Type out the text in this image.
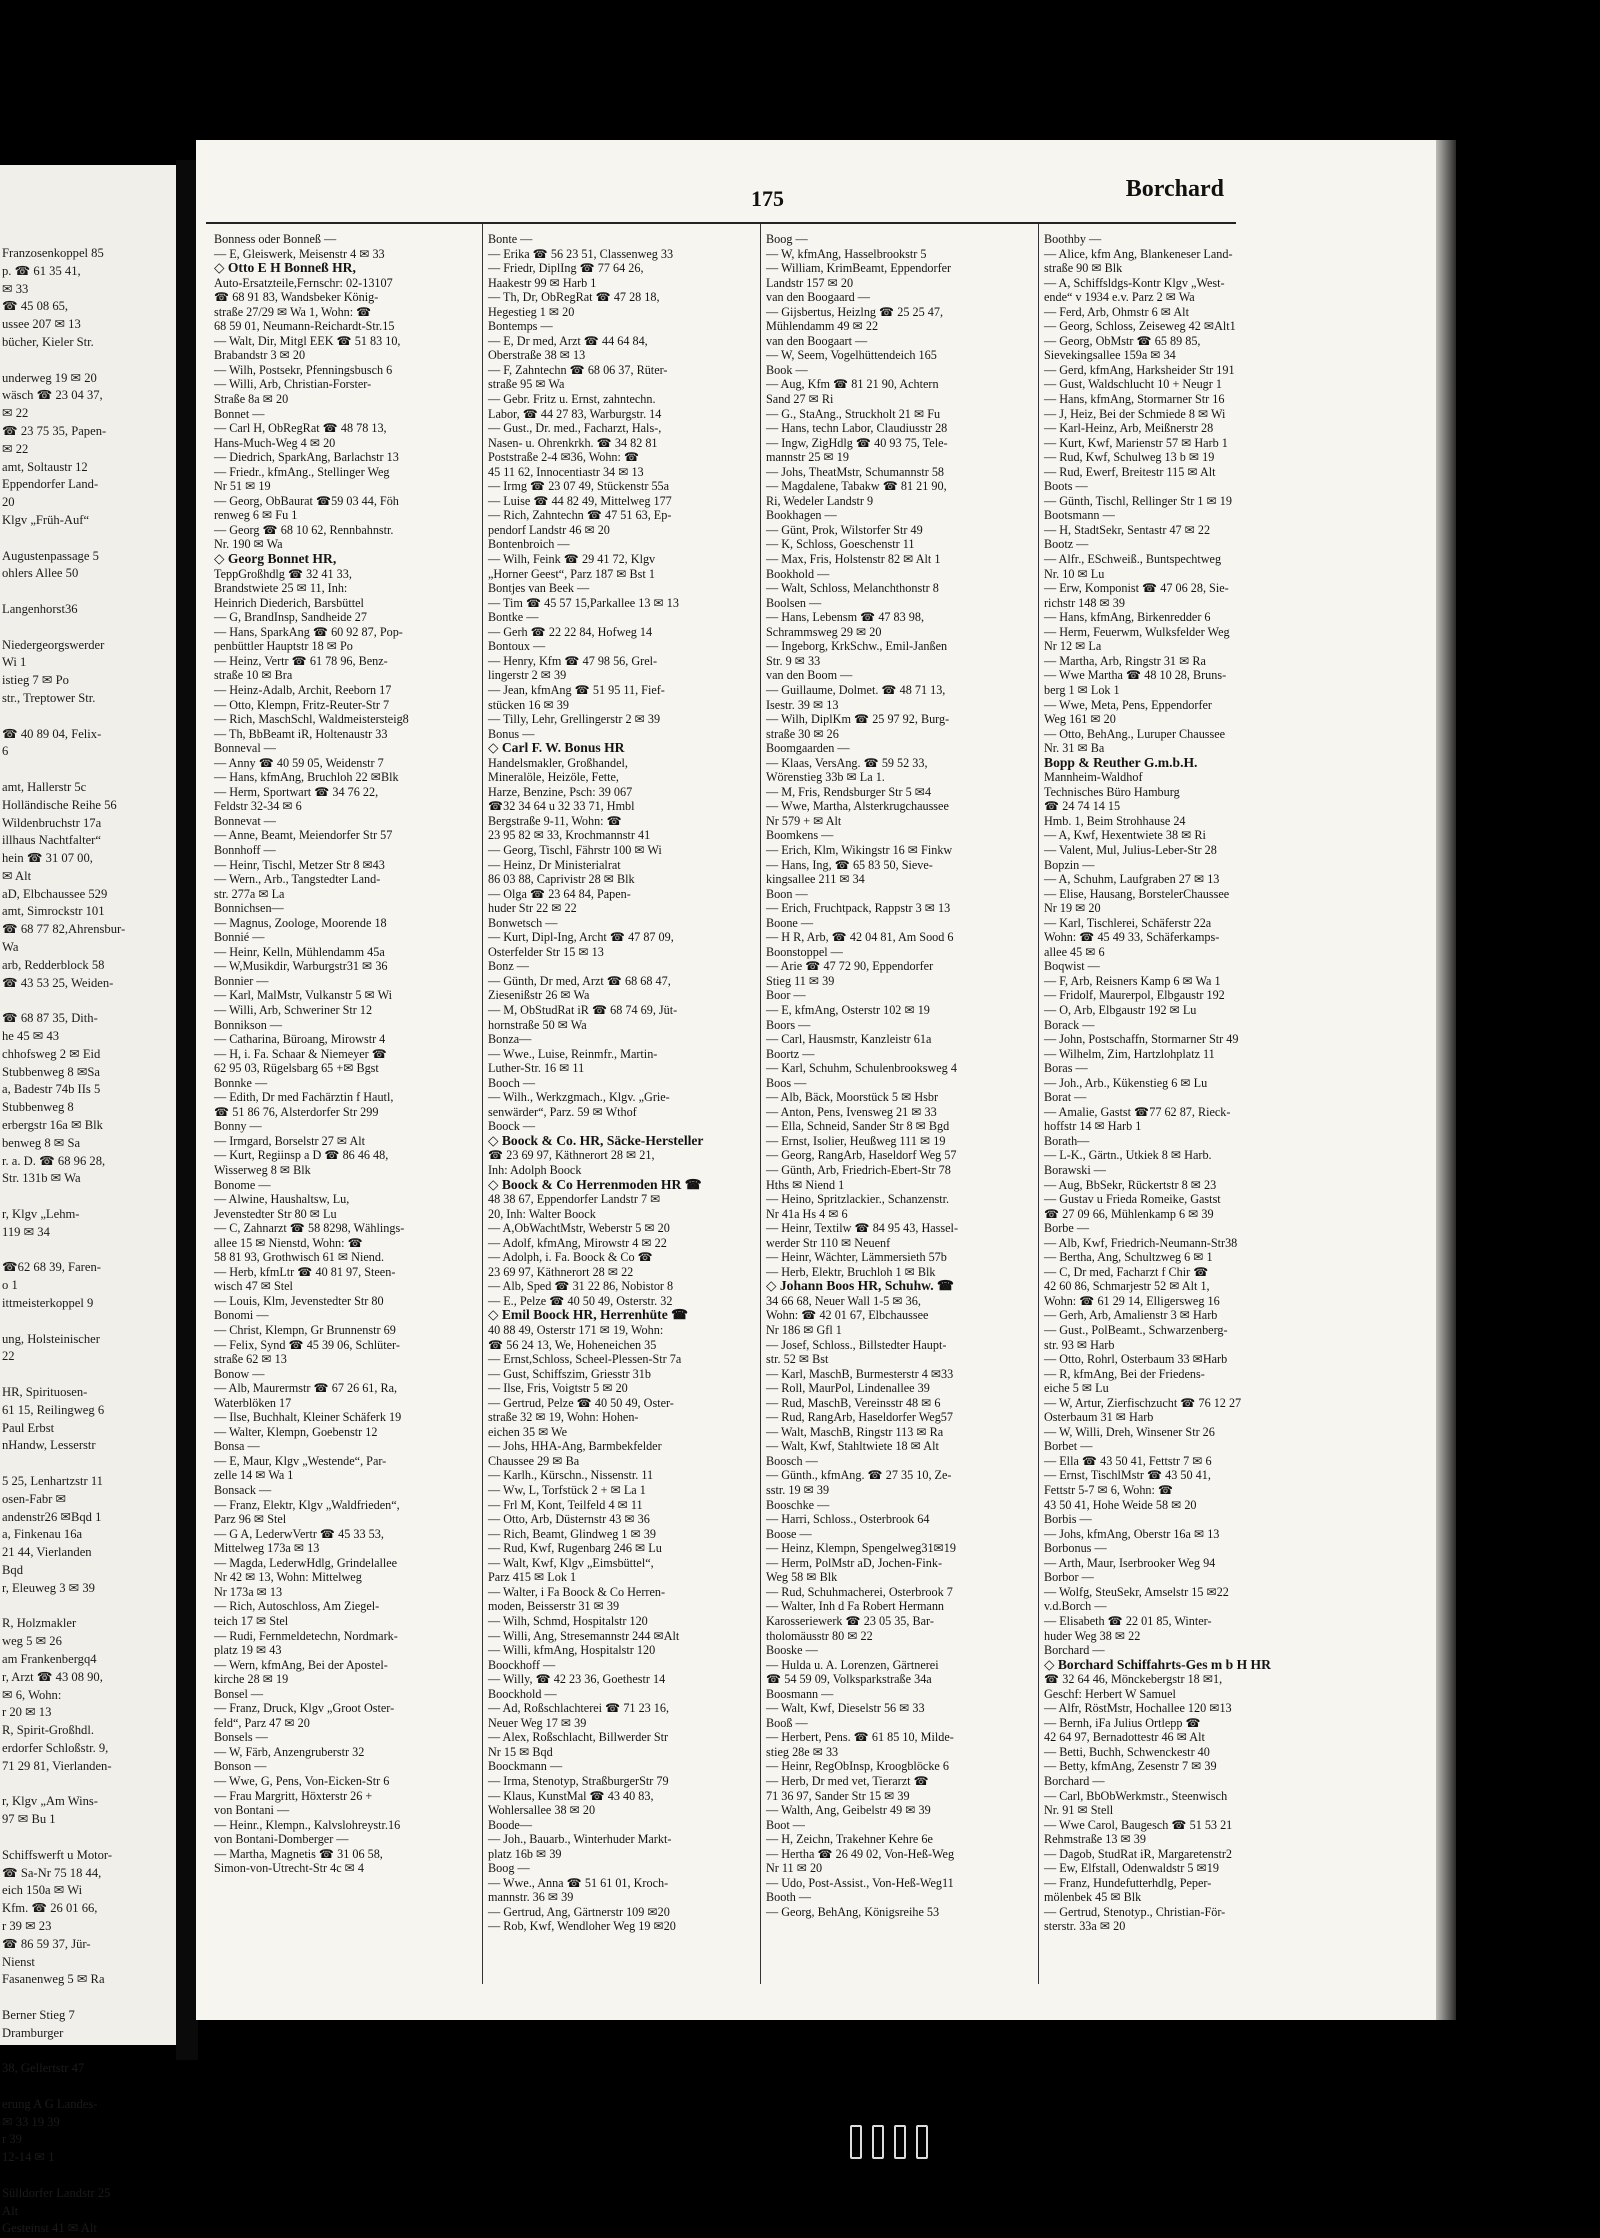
Franzosenkoppel 85
p. ☎ 61 35 41,
✉ 33
☎ 45 08 65,
ussee 207 ✉ 13
bücher, Kieler Str.

underweg 19 ✉ 20
wäsch ☎ 23 04 37,
✉ 22
☎ 23 75 35, Papen-
✉ 22
amt, Soltaustr 12
Eppendorfer Land-
20
Klgv „Früh-Auf“

Augustenpassage 5
ohlers Allee 50

Langenhorst36

Niedergeorgswerder
Wi 1
istieg 7 ✉ Po
str., Treptower Str.

☎ 40 89 04, Felix-
6

amt, Hallerstr 5c
Holländische Reihe 56
Wildenbruchstr 17a
illhaus Nachtfalter“
hein ☎ 31 07 00,
✉ Alt
aD, Elbchaussee 529
amt, Simrockstr 101
☎ 68 77 82,Ahrensbur-
Wa
arb, Redderblock 58
☎ 43 53 25, Weiden-

☎ 68 87 35, Dith-
he 45 ✉ 43
chhofsweg 2 ✉ Eid
Stubbenweg 8 ✉Sa
a, Badestr 74b IIs 5
Stubbenweg 8
erbergstr 16a ✉ Blk
benweg 8 ✉ Sa
r. a. D. ☎ 68 96 28,
Str. 131b ✉ Wa

r, Klgv „Lehm-
119 ✉ 34

☎62 68 39, Faren-
o 1
ittmeisterkoppel 9

ung, Holsteinischer
22

HR, Spirituosen-
61 15, Reilingweg 6
Paul Erbst
nHandw, Lesserstr

5 25, Lenhartzstr 11
osen-Fabr ✉
andenstr26 ✉Bqd 1
a, Finkenau 16a
21 44, Vierlanden
Bqd
r, Eleuweg 3 ✉ 39

R, Holzmakler
weg 5 ✉ 26
am Frankenbergq4
r, Arzt ☎ 43 08 90,
✉ 6, Wohn:
r 20 ✉ 13
R, Spirit-Großhdl.
erdorfer Schloßstr. 9,
71 29 81, Vierlanden-

r, Klgv „Am Wins-
97 ✉ Bu 1

Schiffswerft u Motor-
☎ Sa-Nr 75 18 44,
eich 150a ✉ Wi
Kfm. ☎ 26 01 66,
r 39 ✉ 23
☎ 86 59 37, Jür-
Nienst
Fasanenweg 5 ✉ Ra

Berner Stieg 7
Dramburger

38, Gellertstr 47

erung A G Landes-
✉ 33 19 39
r 39
12-14 ✉ 1

Sülldorfer Landstr 25
Alt
Gesteinst 41 ✉ Alt
175	Borchard
Bonness oder Bonneß —
— E, Gleiswerk, Meisenstr 4 ✉ 33
◇ Otto E H Bonneß HR,
Auto-Ersatzteile,Fernschr: 02-13107
☎ 68 91 83, Wandsbeker König-
straße 27/29 ✉ Wa 1, Wohn: ☎
68 59 01, Neumann-Reichardt-Str.15
— Walt, Dir, Mitgl EEK ☎ 51 83 10,
Brabandstr 3 ✉ 20
— Wilh, Postsekr, Pfenningsbusch 6
— Willi, Arb, Christian-Forster-
Straße 8a ✉ 20
Bonnet —
— Carl H, ObRegRat ☎ 48 78 13,
Hans-Much-Weg 4 ✉ 20
— Diedrich, SparkAng, Barlachstr 13
— Friedr., kfmAng., Stellinger Weg
Nr 51 ✉ 19
— Georg, ObBaurat ☎59 03 44, Föh
renweg 6 ✉ Fu 1
— Georg ☎ 68 10 62, Rennbahnstr.
Nr. 190 ✉ Wa
◇ Georg Bonnet HR,
TeppGroßhdlg ☎ 32 41 33,
Brandstwiete 25 ✉ 11, Inh:
Heinrich Diederich, Barsbüttel
— G, BrandInsp, Sandheide 27
— Hans, SparkAng ☎ 60 92 87, Pop-
penbüttler Hauptstr 18 ✉ Po
— Heinz, Vertr ☎ 61 78 96, Benz-
straße 10 ✉ Bra
— Heinz-Adalb, Archit, Reeborn 17
— Otto, Klempn, Fritz-Reuter-Str 7
— Rich, MaschSchl, Waldmeistersteig8
— Th, BbBeamt iR, Holtenaustr 33
Bonneval —
— Anny ☎ 40 59 05, Weidenstr 7
— Hans, kfmAng, Bruchloh 22 ✉Blk
— Herm, Sportwart ☎ 34 76 22,
Feldstr 32-34 ✉ 6
Bonnevat —
— Anne, Beamt, Meiendorfer Str 57
Bonnhoff —
— Heinr, Tischl, Metzer Str 8 ✉43
— Wern., Arb., Tangstedter Land-
str. 277a ✉ La
Bonnichsen—
— Magnus, Zoologe, Moorende 18
Bonnié —
— Heinr, Kelln, Mühlendamm 45a
— W,Musikdir, Warburgstr31 ✉ 36
Bonnier —
— Karl, MalMstr, Vulkanstr 5 ✉ Wi
— Willi, Arb, Schweriner Str 12
Bonnikson —
— Catharina, Büroang, Mirowstr 4
— H, i. Fa. Schaar & Niemeyer ☎
62 95 03, Rügelsbarg 65 +✉ Bgst
Bonnke —
— Edith, Dr med Fachärztin f Hautl,
☎ 51 86 76, Alsterdorfer Str 299
Bonny —
— Irmgard, Borselstr 27 ✉ Alt
— Kurt, Regiinsp a D ☎ 86 46 48,
Wisserweg 8 ✉ Blk
Bonome —
— Alwine, Haushaltsw, Lu,
Jevenstedter Str 80 ✉ Lu
— C, Zahnarzt ☎ 58 8298, Wählings-
allee 15 ✉ Nienstd, Wohn: ☎
58 81 93, Grothwisch 61 ✉ Niend.
— Herb, kfmLtr ☎ 40 81 97, Steen-
wisch 47 ✉ Stel
— Louis, Klm, Jevenstedter Str 80
Bonomi —
— Christ, Klempn, Gr Brunnenstr 69
— Felix, Synd ☎ 45 39 06, Schlüter-
straße 62 ✉ 13
Bonow —
— Alb, Maurermstr ☎ 67 26 61, Ra,
Waterblöken 17
— Ilse, Buchhalt, Kleiner Schäferk 19
— Walter, Klempn, Goebenstr 12
Bonsa —
— E, Maur, Klgv „Westende“, Par-
zelle 14 ✉ Wa 1
Bonsack —
— Franz, Elektr, Klgv „Waldfrieden“,
Parz 96 ✉ Stel
— G A, LederwVertr ☎ 45 33 53,
Mittelweg 173a ✉ 13
— Magda, LederwHdlg, Grindelallee
Nr 42 ✉ 13, Wohn: Mittelweg
Nr 173a ✉ 13
— Rich, Autoschloss, Am Ziegel-
teich 17 ✉ Stel
— Rudi, Fernmeldetechn, Nordmark-
platz 19 ✉ 43
— Wern, kfmAng, Bei der Apostel-
kirche 28 ✉ 19
Bonsel —
— Franz, Druck, Klgv „Groot Oster-
feld“, Parz 47 ✉ 20
Bonsels —
— W, Färb, Anzengruberstr 32
Bonson —
— Wwe, G, Pens, Von-Eicken-Str 6
— Frau Margritt, Höxterstr 26 +
von Bontani —
— Heinr., Klempn., Kalvslohreystr.16
von Bontani-Domberger —
— Martha, Magnetis ☎ 31 06 58,
Simon-von-Utrecht-Str 4c ✉ 4
Bonte —
— Erika ☎ 56 23 51, Classenweg 33
— Friedr, DiplIng ☎ 77 64 26,
Haakestr 99 ✉ Harb 1
— Th, Dr, ObRegRat ☎ 47 28 18,
Hegestieg 1 ✉ 20
Bontemps —
— E, Dr med, Arzt ☎ 44 64 84,
Oberstraße 38 ✉ 13
— F, Zahntechn ☎ 68 06 37, Rüter-
straße 95 ✉ Wa
— Gebr. Fritz u. Ernst, zahntechn.
Labor, ☎ 44 27 83, Warburgstr. 14
— Gust., Dr. med., Facharzt, Hals-,
Nasen- u. Ohrenkrkh. ☎ 34 82 81
Poststraße 2-4 ✉36, Wohn: ☎
45 11 62, Innocentiastr 34 ✉ 13
— Irmg ☎ 23 07 49, Stückenstr 55a
— Luise ☎ 44 82 49, Mittelweg 177
— Rich, Zahntechn ☎ 47 51 63, Ep-
pendorf Landstr 46 ✉ 20
Bontenbroich —
— Wilh, Feink ☎ 29 41 72, Klgv
„Horner Geest“, Parz 187 ✉ Bst 1
Bontjes van Beek —
— Tim ☎ 45 57 15,Parkallee 13 ✉ 13
Bontke —
— Gerh ☎ 22 22 84, Hofweg 14
Bontoux —
— Henry, Kfm ☎ 47 98 56, Grel-
lingerstr 2 ✉ 39
— Jean, kfmAng ☎ 51 95 11, Fief-
stücken 16 ✉ 39
— Tilly, Lehr, Grellingerstr 2 ✉ 39
Bonus —
◇ Carl F. W. Bonus HR
Handelsmakler, Großhandel,
Mineralöle, Heizöle, Fette,
Harze, Benzine, Psch: 39 067
☎32 34 64 u 32 33 71, Hmbl
Bergstraße 9-11, Wohn: ☎
23 95 82 ✉ 33, Krochmannstr 41
— Georg, Tischl, Fährstr 100 ✉ Wi
— Heinz, Dr Ministerialrat
86 03 88, Caprivistr 28 ✉ Blk
— Olga ☎ 23 64 84, Papen-
huder Str 22 ✉ 22
Bonwetsch —
— Kurt, Dipl-Ing, Archt ☎ 47 87 09,
Osterfelder Str 15 ✉ 13
Bonz —
— Günth, Dr med, Arzt ☎ 68 68 47,
Ziesenißstr 26 ✉ Wa
— M, ObStudRat iR ☎ 68 74 69, Jüt-
hornstraße 50 ✉ Wa
Bonza—
— Wwe., Luise, Reinmfr., Martin-
Luther-Str. 16 ✉ 11
Booch —
— Wilh., Werkzgmach., Klgv. „Grie-
senwärder“, Parz. 59 ✉ Wthof
Boock —
◇ Boock & Co. HR, Säcke-Hersteller
☎ 23 69 97, Käthnerort 28 ✉ 21,
Inh: Adolph Boock
◇ Boock & Co Herrenmoden HR ☎
48 38 67, Eppendorfer Landstr 7 ✉
20, Inh: Walter Boock
— A,ObWachtMstr, Weberstr 5 ✉ 20
— Adolf, kfmAng, Mirowstr 4 ✉ 22
— Adolph, i. Fa. Boock & Co ☎
23 69 97, Käthnerort 28 ✉ 22
— Alb, Sped ☎ 31 22 86, Nobistor 8
— E., Pelze ☎ 40 50 49, Osterstr. 32
◇ Emil Boock HR, Herrenhüte ☎
40 88 49, Osterstr 171 ✉ 19, Wohn:
☎ 56 24 13, We, Hoheneichen 35
— Ernst,Schloss, Scheel-Plessen-Str 7a
— Gust, Schiffszim, Griesstr 31b
— Ilse, Fris, Voigtstr 5 ✉ 20
— Gertrud, Pelze ☎ 40 50 49, Oster-
straße 32 ✉ 19, Wohn: Hohen-
eichen 35 ✉ We
— Johs, HHA-Ang, Barmbekfelder
Chaussee 29 ✉ Ba
— Karlh., Kürschn., Nissenstr. 11
— Ww, L, Torfstück 2 + ✉ La 1
— Frl M, Kont, Teilfeld 4 ✉ 11
— Otto, Arb, Düsternstr 43 ✉ 36
— Rich, Beamt, Glindweg 1 ✉ 39
— Rud, Kwf, Rugenbarg 246 ✉ Lu
— Walt, Kwf, Klgv „Eimsbüttel“,
Parz 415 ✉ Lok 1
— Walter, i Fa Boock & Co Herren-
moden, Beisserstr 31 ✉ 39
— Wilh, Schmd, Hospitalstr 120
— Willi, Ang, Stresemannstr 244 ✉Alt
— Willi, kfmAng, Hospitalstr 120
Boockhoff —
— Willy, ☎ 42 23 36, Goethestr 14
Boockhold —
— Ad, Roßschlachterei ☎ 71 23 16,
Neuer Weg 17 ✉ 39
— Alex, Roßschlacht, Billwerder Str
Nr 15 ✉ Bqd
Boockmann —
— Irma, Stenotyp, StraßburgerStr 79
— Klaus, KunstMal ☎ 43 40 83,
Wohlersallee 38 ✉ 20
Boode—
— Joh., Bauarb., Winterhuder Markt-
platz 16b ✉ 39
Boog —
— Wwe., Anna ☎ 51 61 01, Kroch-
mannstr. 36 ✉ 39
— Gertrud, Ang, Gärtnerstr 109 ✉20
— Rob, Kwf, Wendloher Weg 19 ✉20
Boog —
— W, kfmAng, Hasselbrookstr 5
— William, KrimBeamt, Eppendorfer
Landstr 157 ✉ 20
van den Boogaard —
— Gijsbertus, Heizlng ☎ 25 25 47,
Mühlendamm 49 ✉ 22
van den Boogaart —
— W, Seem, Vogelhüttendeich 165
Book —
— Aug, Kfm ☎ 81 21 90, Achtern
Sand 27 ✉ Ri
— G., StaAng., Struckholt 21 ✉ Fu
— Hans, techn Labor, Claudiusstr 28
— Ingw, ZigHdlg ☎ 40 93 75, Tele-
mannstr 25 ✉ 19
— Johs, TheatMstr, Schumannstr 58
— Magdalene, Tabakw ☎ 81 21 90,
Ri, Wedeler Landstr 9
Bookhagen —
— Günt, Prok, Wilstorfer Str 49
— K, Schloss, Goeschenstr 11
— Max, Fris, Holstenstr 82 ✉ Alt 1
Bookhold —
— Walt, Schloss, Melanchthonstr 8
Boolsen —
— Hans, Lebensm ☎ 47 83 98,
Schrammsweg 29 ✉ 20
— Ingeborg, KrkSchw., Emil-Janßen
Str. 9 ✉ 33
van den Boom —
— Guillaume, Dolmet. ☎ 48 71 13,
Isestr. 39 ✉ 13
— Wilh, DiplKm ☎ 25 97 92, Burg-
straße 30 ✉ 26
Boomgaarden —
— Klaas, VersAng. ☎ 59 52 33,
Wörenstieg 33b ✉ La 1.
— M, Fris, Rendsburger Str 5 ✉4
— Wwe, Martha, Alsterkrugchaussee
Nr 579 + ✉ Alt
Boomkens —
— Erich, Klm, Wikingstr 16 ✉ Finkw
— Hans, Ing, ☎ 65 83 50, Sieve-
kingsallee 211 ✉ 34
Boon —
— Erich, Fruchtpack, Rappstr 3 ✉ 13
Boone —
— H R, Arb, ☎ 42 04 81, Am Sood 6
Boonstoppel —
— Arie ☎ 47 72 90, Eppendorfer
Stieg 11 ✉ 39
Boor —
— E, kfmAng, Osterstr 102 ✉ 19
Boors —
— Carl, Hausmstr, Kanzleistr 61a
Boortz —
— Karl, Schuhm, Schulenbrooksweg 4
Boos —
— Alb, Bäck, Moorstück 5 ✉ Hsbr
— Anton, Pens, Ivensweg 21 ✉ 33
— Ella, Schneid, Sander Str 8 ✉ Bgd
— Ernst, Isolier, Heußweg 111 ✉ 19
— Georg, RangArb, Haseldorf Weg 57
— Günth, Arb, Friedrich-Ebert-Str 78
Hths ✉ Niend 1
— Heino, Spritzlackier., Schanzenstr.
Nr 41a Hs 4 ✉ 6
— Heinr, Textilw ☎ 84 95 43, Hassel-
werder Str 110 ✉ Neuenf
— Heinr, Wächter, Lämmersieth 57b
— Herb, Elektr, Bruchloh 1 ✉ Blk
◇ Johann Boos HR, Schuhw. ☎
34 66 68, Neuer Wall 1-5 ✉ 36,
Wohn: ☎ 42 01 67, Elbchaussee
Nr 186 ✉ Gfl 1
— Josef, Schloss., Billstedter Haupt-
str. 52 ✉ Bst
— Karl, MaschB, Burmesterstr 4 ✉33
— Roll, MaurPol, Lindenallee 39
— Rud, MaschB, Vereinsstr 48 ✉ 6
— Rud, RangArb, Haseldorfer Weg57
— Walt, MaschB, Ringstr 113 ✉ Ra
— Walt, Kwf, Stahltwiete 18 ✉ Alt
Boosch —
— Günth., kfmAng. ☎ 27 35 10, Ze-
sstr. 19 ✉ 39
Booschke —
— Harri, Schloss., Osterbrook 64
Boose —
— Heinz, Klempn, Spengelweg31✉19
— Herm, PolMstr aD, Jochen-Fink-
Weg 58 ✉ Blk
— Rud, Schuhmacherei, Osterbrook 7
— Walter, Inh d Fa Robert Hermann
Karosseriewerk ☎ 23 05 35, Bar-
tholomäusstr 80 ✉ 22
Booske —
— Hulda u. A. Lorenzen, Gärtnerei
☎ 54 59 09, Volksparkstraße 34a
Boosmann —
— Walt, Kwf, Dieselstr 56 ✉ 33
Booß —
— Herbert, Pens. ☎ 61 85 10, Milde-
stieg 28e ✉ 33
— Heinr, RegObInsp, Kroogblöcke 6
— Herb, Dr med vet, Tierarzt ☎
71 36 97, Sander Str 15 ✉ 39
— Walth, Ang, Geibelstr 49 ✉ 39
Boot —
— H, Zeichn, Trakehner Kehre 6e
— Hertha ☎ 26 49 02, Von-Heß-Weg
Nr 11 ✉ 20
— Udo, Post-Assist., Von-Heß-Weg11
Booth —
— Georg, BehAng, Königsreihe 53
Boothby —
— Alice, kfm Ang, Blankeneser Land-
straße 90 ✉ Blk
— A, Schiffsldgs-Kontr Klgv „West-
ende“ v 1934 e.v. Parz 2 ✉ Wa
— Ferd, Arb, Ohmstr 6 ✉ Alt
— Georg, Schloss, Zeiseweg 42 ✉Alt1
— Georg, ObMstr ☎ 65 89 85,
Sievekingsallee 159a ✉ 34
— Gerd, kfmAng, Harksheider Str 191
— Gust, Waldschlucht 10 + Neugr 1
— Hans, kfmAng, Stormarner Str 16
— J, Heiz, Bei der Schmiede 8 ✉ Wi
— Karl-Heinz, Arb, Meißnerstr 28
— Kurt, Kwf, Marienstr 57 ✉ Harb 1
— Rud, Kwf, Schulweg 13 b ✉ 19
— Rud, Ewerf, Breitestr 115 ✉ Alt
Boots —
— Günth, Tischl, Rellinger Str 1 ✉ 19
Bootsmann —
— H, StadtSekr, Sentastr 47 ✉ 22
Bootz —
— Alfr., ESchweiß., Buntspechtweg
Nr. 10 ✉ Lu
— Erw, Komponist ☎ 47 06 28, Sie-
richstr 148 ✉ 39
— Hans, kfmAng, Birkenredder 6
— Herm, Feuerwm, Wulksfelder Weg
Nr 12 ✉ La
— Martha, Arb, Ringstr 31 ✉ Ra
— Wwe Martha ☎ 48 10 28, Bruns-
berg 1 ✉ Lok 1
— Wwe, Meta, Pens, Eppendorfer
Weg 161 ✉ 20
— Otto, BehAng., Luruper Chaussee
Nr. 31 ✉ Ba
Bopp & Reuther G.m.b.H.
Mannheim-Waldhof
Technisches Büro Hamburg
☎ 24 74 14 15
Hmb. 1, Beim Strohhause 24
— A, Kwf, Hexentwiete 38 ✉ Ri
— Valent, Mul, Julius-Leber-Str 28
Bopzin —
— A, Schuhm, Laufgraben 27 ✉ 13
— Elise, Hausang, BorstelerChaussee
Nr 19 ✉ 20
— Karl, Tischlerei, Schäferstr 22a
Wohn: ☎ 45 49 33, Schäferkamps-
allee 45 ✉ 6
Boqwist —
— F, Arb, Reisners Kamp 6 ✉ Wa 1
— Fridolf, Maurerpol, Elbgaustr 192
— O, Arb, Elbgaustr 192 ✉ Lu
Borack —
— John, Postschaffn, Stormarner Str 49
— Wilhelm, Zim, Hartzlohplatz 11
Boras —
— Joh., Arb., Kükenstieg 6 ✉ Lu
Borat —
— Amalie, Gastst ☎77 62 87, Rieck-
hoffstr 14 ✉ Harb 1
Borath—
— L-K., Gärtn., Utkiek 8 ✉ Harb.
Borawski —
— Aug, BbSekr, Rückertstr 8 ✉ 23
— Gustav u Frieda Romeike, Gastst
☎ 27 09 66, Mühlenkamp 6 ✉ 39
Borbe —
— Alb, Kwf, Friedrich-Neumann-Str38
— Bertha, Ang, Schultzweg 6 ✉ 1
— C, Dr med, Facharzt f Chir ☎
42 60 86, Schmarjestr 52 ✉ Alt 1,
Wohn: ☎ 61 29 14, Elligersweg 16
— Gerh, Arb, Amalienstr 3 ✉ Harb
— Gust., PolBeamt., Schwarzenberg-
str. 93 ✉ Harb
— Otto, Rohrl, Osterbaum 33 ✉Harb
— R, kfmAng, Bei der Friedens-
eiche 5 ✉ Lu
— W, Artur, Zierfischzucht ☎ 76 12 27
Osterbaum 31 ✉ Harb
— W, Willi, Dreh, Winsener Str 26
Borbet —
— Ella ☎ 43 50 41, Fettstr 7 ✉ 6
— Ernst, TischlMstr ☎ 43 50 41,
Fettstr 5-7 ✉ 6, Wohn: ☎
43 50 41, Hohe Weide 58 ✉ 20
Borbis —
— Johs, kfmAng, Oberstr 16a ✉ 13
Borbonus —
— Arth, Maur, Iserbrooker Weg 94
Borbor —
— Wolfg, SteuSekr, Amselstr 15 ✉22
v.d.Borch —
— Elisabeth ☎ 22 01 85, Winter-
huder Weg 38 ✉ 22
Borchard —
◇ Borchard Schiffahrts-Ges m b H HR
☎ 32 64 46, Mönckebergstr 18 ✉1,
Geschf: Herbert W Samuel
— Alfr, RöstMstr, Hochallee 120 ✉13
— Bernh, iFa Julius Ortlepp ☎
42 64 97, Bernadottestr 46 ✉ Alt
— Betti, Buchh, Schwenckestr 40
— Betty, kfmAng, Zesenstr 7 ✉ 39
Borchard —
— Carl, BbObWerkmstr., Steenwisch
Nr. 91 ✉ Stell
— Wwe Carol, Baugesch ☎ 51 53 21
Rehmstraße 13 ✉ 39
— Dagob, StudRat iR, Margaretenstr2
— Ew, Elfstall, Odenwaldstr 5 ✉19
— Franz, Hundefutterhdlg, Peper-
mölenbek 45 ✉ Blk
— Gertrud, Stenotyp., Christian-För-
sterstr. 33a ✉ 20
